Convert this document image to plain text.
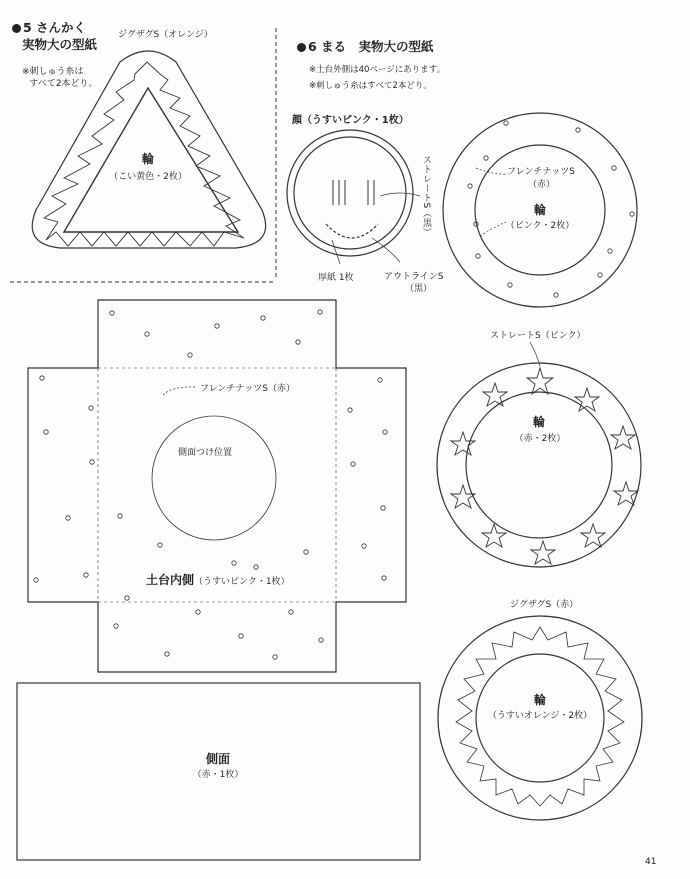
5 さんかく
実物大の型紙
※刺しゅう糸は
すべて2本どり。
ジグザグS（オレンジ）
輪
（こい黄色・2枚）
6 まる　実物大の型紙
※土台外側は40ページにあります。
※刺しゅう糸はすべて2本どり。
顔（うすいピンク・1枚）
ストレートS（黒）
厚紙 1枚	アウトラインS
（黒）
フレンチナッツS
（赤）
輪
（ピンク・2枚）
フレンチナッツS（赤）
側面つけ位置
土台内側（うすいピンク・1枚）
ストレートS（ピンク）
輪
（赤・2枚）
ジグザグS（赤）
輪
（うすいオレンジ・2枚）
側面
（赤・1枚）
41
